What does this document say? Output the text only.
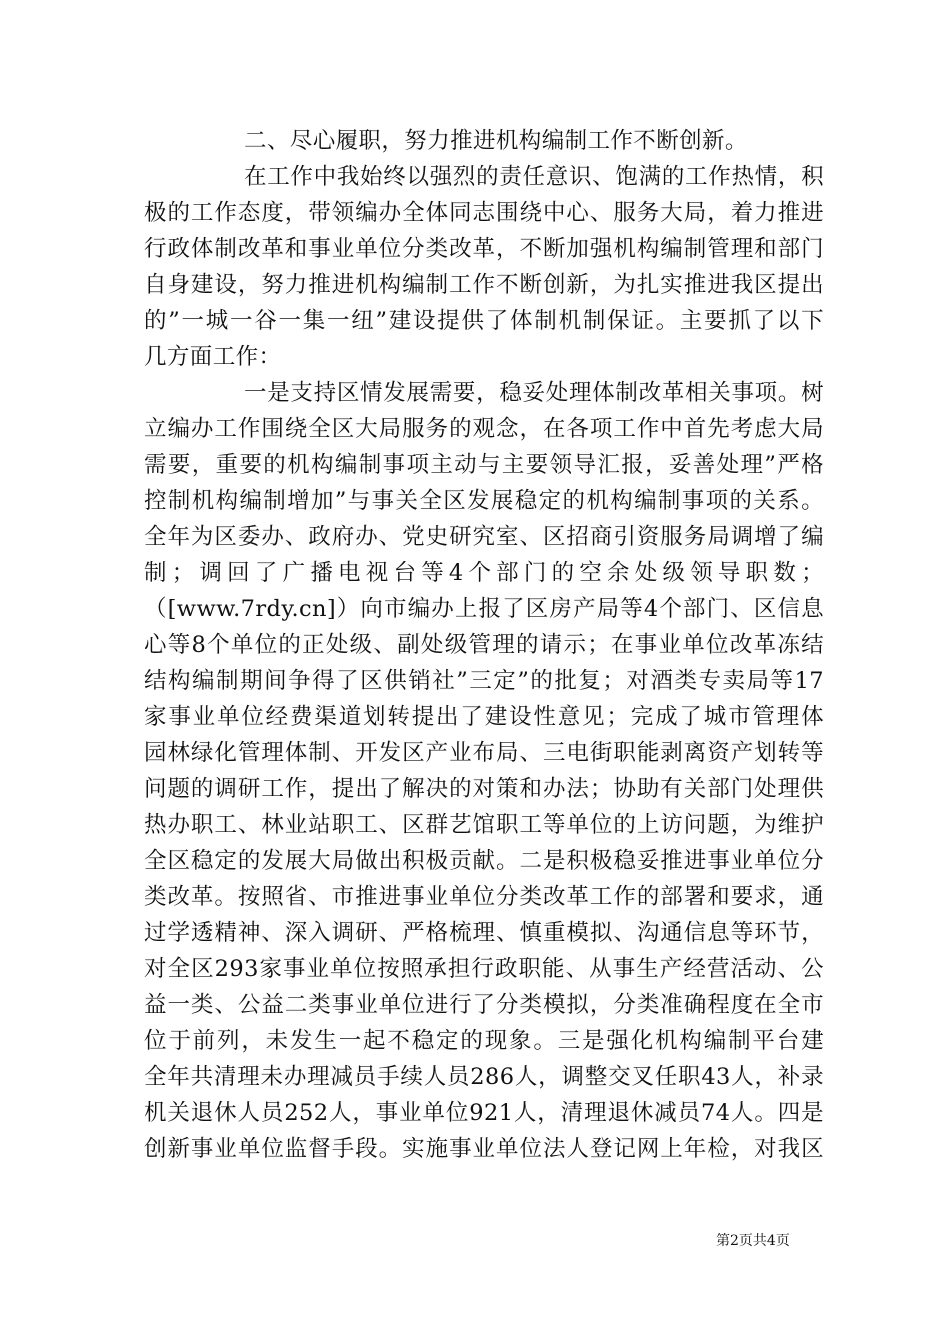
二、尽心履职，努力推进机构编制工作不断创新。
在工作中我始终以强烈的责任意识、饱满的工作热情，积
极的工作态度，带领编办全体同志围绕中心、服务大局，着力推进
行政体制改革和事业单位分类改革，不断加强机构编制管理和部门
自身建设，努力推进机构编制工作不断创新，为扎实推进我区提出
的”一城一谷一集一纽”建设提供了体制机制保证。主要抓了以下
几方面工作：
一是支持区情发展需要，稳妥处理体制改革相关事项。树
立编办工作围绕全区大局服务的观念，在各项工作中首先考虑大局
需要，重要的机构编制事项主动与主要领导汇报，妥善处理”严格
控制机构编制增加”与事关全区发展稳定的机构编制事项的关系。
全年为区委办、政府办、党史研究室、区招商引资服务局调增了编
制；调回了广播电视台等4个部门的空余处级领导职数；
（[www.7rdy.cn]）向市编办上报了区房产局等4个部门、区信息
心等8个单位的正处级、副处级管理的请示；在事业单位改革冻结
结构编制期间争得了区供销社”三定”的批复；对酒类专卖局等17
家事业单位经费渠道划转提出了建设性意见；完成了城市管理体
园林绿化管理体制、开发区产业布局、三电街职能剥离资产划转等
问题的调研工作，提出了解决的对策和办法；协助有关部门处理供
热办职工、林业站职工、区群艺馆职工等单位的上访问题，为维护
全区稳定的发展大局做出积极贡献。二是积极稳妥推进事业单位分
类改革。按照省、市推进事业单位分类改革工作的部署和要求，通
过学透精神、深入调研、严格梳理、慎重模拟、沟通信息等环节，
对全区293家事业单位按照承担行政职能、从事生产经营活动、公
益一类、公益二类事业单位进行了分类模拟，分类准确程度在全市
位于前列，未发生一起不稳定的现象。三是强化机构编制平台建
全年共清理未办理减员手续人员286人，调整交叉任职43人，补录
机关退休人员252人，事业单位921人，清理退休减员74人。四是
创新事业单位监督手段。实施事业单位法人登记网上年检，对我区
第2页共4页
